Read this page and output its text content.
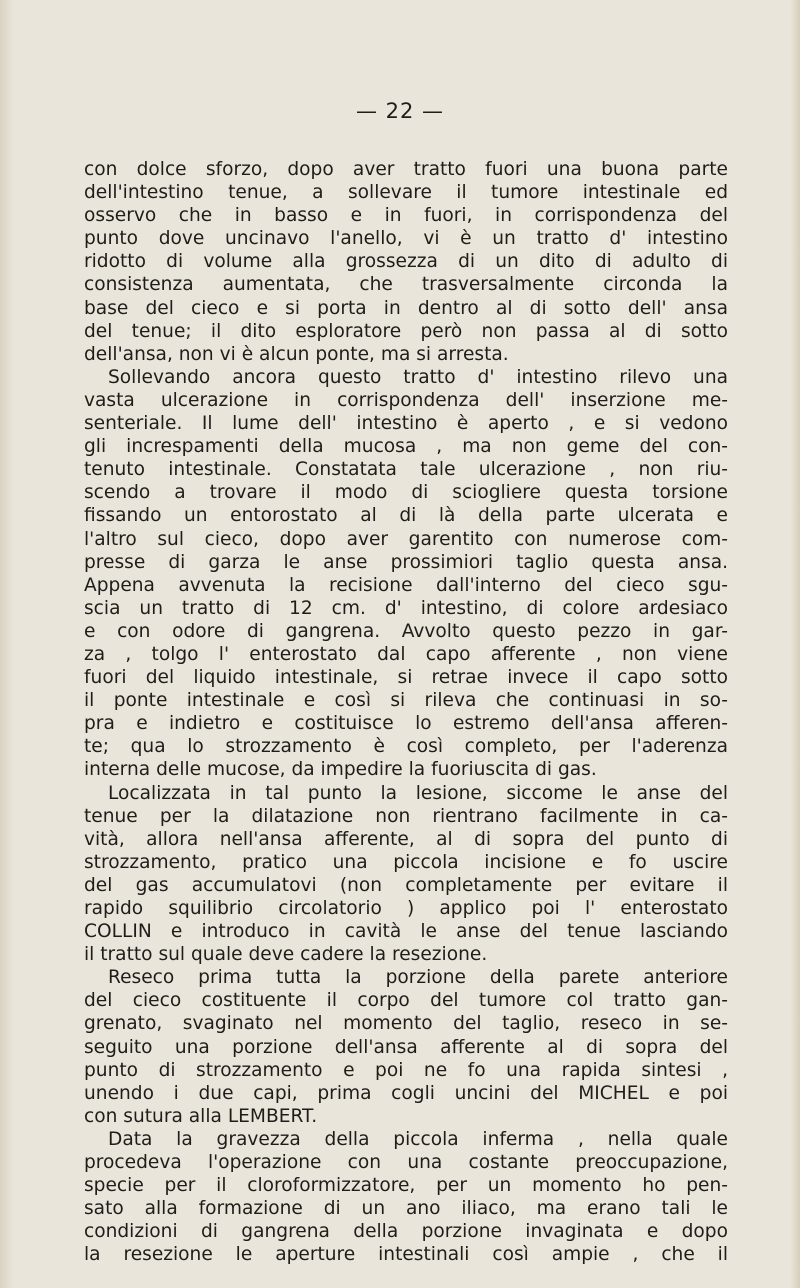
— 22 —
con dolce sforzo, dopo aver tratto fuori una buona parte
dell'intestino tenue, a sollevare il tumore intestinale ed
osservo che in basso e in fuori, in corrispondenza del
punto dove uncinavo l'anello, vi è un tratto d' intestino
ridotto di volume alla grossezza di un dito di adulto di
consistenza aumentata, che trasversalmente circonda la
base del cieco e si porta in dentro al di sotto dell' ansa
del tenue; il dito esploratore però non passa al di sotto
dell'ansa, non vi è alcun ponte, ma si arresta.
Sollevando ancora questo tratto d' intestino rilevo una
vasta ulcerazione in corrispondenza dell' inserzione me-
senteriale. Il lume dell' intestino è aperto , e si vedono
gli increspamenti della mucosa , ma non geme del con-
tenuto intestinale. Constatata tale ulcerazione , non riu-
scendo a trovare il modo di sciogliere questa torsione
fissando un entorostato al di là della parte ulcerata e
l'altro sul cieco, dopo aver garentito con numerose com-
presse di garza le anse prossimiori taglio questa ansa.
Appena avvenuta la recisione dall'interno del cieco sgu-
scia un tratto di 12 cm. d' intestino, di colore ardesiaco
e con odore di gangrena. Avvolto questo pezzo in gar-
za , tolgo l' enterostato dal capo afferente , non viene
fuori del liquido intestinale, si retrae invece il capo sotto
il ponte intestinale e così si rileva che continuasi in so-
pra e indietro e costituisce lo estremo dell'ansa afferen-
te; qua lo strozzamento è così completo, per l'aderenza
interna delle mucose, da impedire la fuoriuscita di gas.
Localizzata in tal punto la lesione, siccome le anse del
tenue per la dilatazione non rientrano facilmente in ca-
vità, allora nell'ansa afferente, al di sopra del punto di
strozzamento, pratico una piccola incisione e fo uscire
del gas accumulatovi (non completamente per evitare il
rapido squilibrio circolatorio ) applico poi l' enterostato
COLLIN e introduco in cavità le anse del tenue lasciando
il tratto sul quale deve cadere la resezione.
Reseco prima tutta la porzione della parete anteriore
del cieco costituente il corpo del tumore col tratto gan-
grenato, svaginato nel momento del taglio, reseco in se-
seguito una porzione dell'ansa afferente al di sopra del
punto di strozzamento e poi ne fo una rapida sintesi ,
unendo i due capi, prima cogli uncini del MICHEL e poi
con sutura alla LEMBERT.
Data la gravezza della piccola inferma , nella quale
procedeva l'operazione con una costante preoccupazione,
specie per il cloroformizzatore, per un momento ho pen-
sato alla formazione di un ano iliaco, ma erano tali le
condizioni di gangrena della porzione invaginata e dopo
la resezione le aperture intestinali così ampie , che il
